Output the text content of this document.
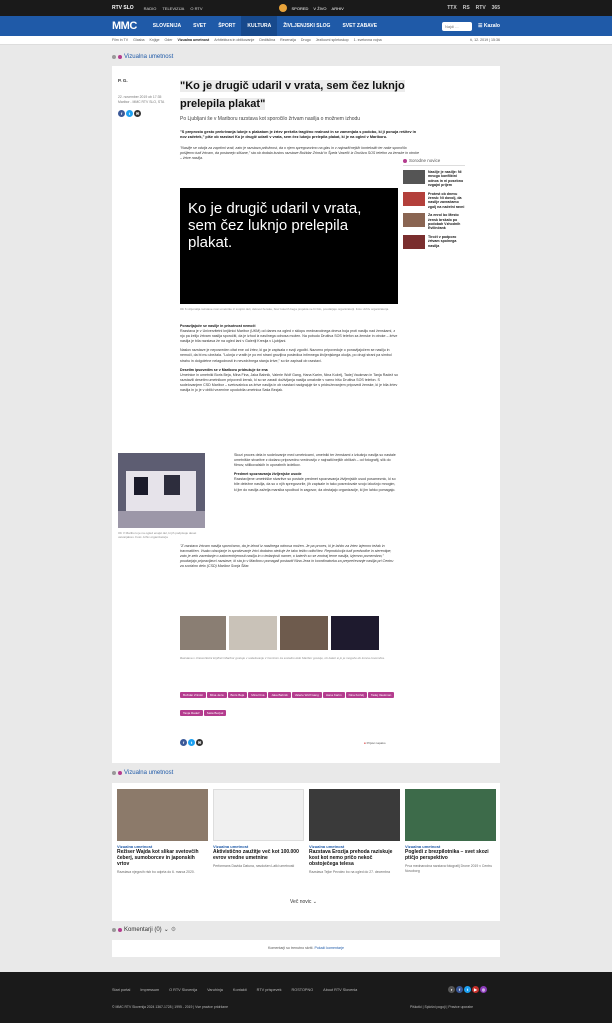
RTV SLO	RADIO TELEVIZIJA O RTV	SPORED V ŽIVO ARHIV	TTX RS RTV 365
MMC	SLOVENIJA	SVET	ŠPORT	KULTURA	ŽIVLJENJSKI SLOG	SVET ZABAVE	Najdi ...	☰ Kazalo
Film in TV Glasba Knjige Oder Vizualna umetnost Arhitektura in oblikovanje Dediščina Recenzija Drugo Jezikovni spletoskop 1. svetovna vojna	ti, 12. 2019 | 15:36
Vizualna umetnost
P. G.
22. november 2019 ob 17:35
Maribor - MMC RTV SLO, STA
f	t	✉
"Ko je drugič udaril v vrata, sem čez luknjo prelepila plakat"
Po Ljubljani še v Mariboru razstava kot sporočilo žrtvam nasilja o možnem izhodu
"S preprosto gesto prekrivanja luknje s plakatom je žrtev prekrila tragično realnost in se zamenjala s podobo, ki ji ponuja rešitev in nov začetek," piše ob razstavi Ko je drugič udaril v vrata, sem čez luknjo prelepila plakat, ki je na ogled v Mariboru.
"Nasilje se odvija za zaprtimi vrati, zato je razstava priložnost, da o njem spregovorimo na glas in v najrazličnejših kontekstih ter naše sporočilo pošljemo tudi žrtvam, da postanejo slišane," sta ob dodala kustos razstave Božidar Zrinski in Špela Vaselič iz Društva SOS telefon za ženske in otroke – žrtve nasilja.
Ko je drugič udaril v vrata, sem čez luknjo prelepila plakat.
Ob 6 vizjunalija razstave nosi umetnike iz svojimi deli, delovet ženske, brez koterih bega projekta ne bi bilo, poudarjajo organizatorji. Foto: Arhiv organizatorja

Ponavljajoče se nasilje in prisotnost nemoči
Razstava je v Univerzitetni knjižnici Maribor (UKM) od danes na ogled v sklopu mednarodnega dneva boja proti nasilju nad ženskami, z njo pa želijo žrtvam nasilja sporočiti, da je izhod iz nasilnega odnosa možen. Na pobudo Društva SOS telefon za ženske in otroke – žrtve nasilja je bila razstava že na ogled lani v Galeriji Kresija v Ljubljani.

Naslov razstave je neposreden citat ene od žrtev, ki ga je zapisala v svoji zgodbi. Nazorno pripoveduje o ponavljajočem se nasilju in nemoči, da bi mu ubežala. "Luknja v vratih je po eni strani grozljiva posledica intimnega življenjskega okolja, po drugi strani pa simbol strahu in dolgoletne nelagodnosti in nevzdržnega stanja žrtve," so še zapisali ob razstavi.

Desetim ipsovedim se v Mariboru pridružuje še ena
Umetnice in umetniki Boris Beja, Mina Fina, Jaka Babnik, Valerie Wolf Gang, Hana Karim, Nina Koželj, Tadej Vaukman in Tanja Radež so razstavili desetim umetnikom pripovedi žensk, ki so se zaradi doživljanja nasilja umaknile v varno hišo Društva SOS telefon. S sodelovanjem CSD Maribor – svetovalnica za žrtve nasilja in ob razstavi nadgrajuje še s pridruževanjem pripovedi ženske, ki je bila žrtev nasilja in jo je v obliki vezenine upodobila umetnica Saša Bezjak.

Ob V Mariboru je na ogled enajst del, ki jih podpisuje deset ustvarjalcev. Foto: Arhiv organizatorja

Skozi proces dela in sodelovanje med umetnicami, umetniki ter ženskami z izkušnjo nasilja so nastale umetniške stvaritve z dodano pripovedno vrednostjo v najrazličnejših oblikah – od fotografij, slik do filmov, stilikovalskih in uporabnih izdelkov.

Predmet spoznavanja življenjske usode
Razstavljene umetniške stvaritve so postale predmet spoznavanja življenjskih usod posameznic, ki so bile deležne nasilja, da so o njih spregovorile, jih zapisale in tako posredovale svojo izkušnjo mnogim, ki jim do nasilja zaželja marsika spodbud in zagovor, da obstajajo organizacije, ki jim lahko pomagajo.

"Z razstavo žrtvam nasilja sporočamo, da je izhod iz nasilnega odnosa možen. Je pa proces, ki je lahko za žrtev izjemno težak in travmatičen. Vsako obsojanje in spraševanje žrtvi dodatno otežuje že tako težko odločitev. Reprodukcija tudi predsodke in stereotipe, zato je zelo zavedanje o zakoreninjenosti nasilja in o tedanjosti namer, o katerih so se znotraj teme nasilja, izjemno pomembno," poudarjajo pripravljavci razstave, ki sta jo v Mariboru pomagali postaviti Nina Jeza in koordinatorka za preprečevanje nasilja pri Centru za socialno delo (CSD) Maribor Sonja Šitar.
Razstava v Univerzitetni knjižnici Maribor gostuje v sodelovanju z Centrom za socialno delo Maribor gostuje, ob kateri si jo je mogoče do konca novembra.
Božidar Zrinski Mina Jeza Boris Beja Mina Fina Jaka Babnik Valerie Wolf Gang Hana Karim Nina Koželj Tadej VaukmanTanja Radež Saša Bezjak
f	t	✉	● Prijavi napako
Sorodne novice
Nasilje je nasilje: Ni mnogo konfliktni odnos in ni posebno ezgajni prijem
Protest ob dnevu žensk: Ni dovolj, da nasilje zavračamo zgolj na načelni ravni
Za enrol bo Mesto žensk brskalo po podobah Vzhodnih Evilinčank
Tiroči v podporo žrtvam spolnega nasilja
Vizualna umetnost
Vizualna umetnost
Režiser Wajda kot slikar svetovčih čeberj, sumoborcev in japonskih vrtov
Razstava njegovih risb bo odprta do 6. marca 2020.
Vizualna umetnost
Aktivistično zaužitje več kot 100.000 evrov vredne umetnine
Performans Davida Datuna, navdušen Latki umetnosti
Vizualna umetnost
Razstava Erozija prehoda raziskuje kost kot nemo pričo nekoč obstoječega telesa
Razstava Tejke Pevolec bo na ogled do 27. decembra
Vizualna umetnost
Pogledi z brezpilotnika – svet skozi ptičjo perspektivo
Prva mednarodna razstava fotografij Drone 2019 v Centru Novoborg
Več novic ⌄
Komentarji (0) ⌄ ⚙
Komentarji so trenutno skriti. Pokaži komentarje
Stari portal	Impressum	O RTV Slovenija	Varuhinja	Kontakti	RTV prispevek	ROSTOPNO	About RTV Slovenia	r	f	t	▶	◎
© MMC RTV Slovenija 2024 1367-1728 | 1995 - 2019 | Vse pravice pridržane	Piškotki | Splošni pogoji | Pravice uporabe
